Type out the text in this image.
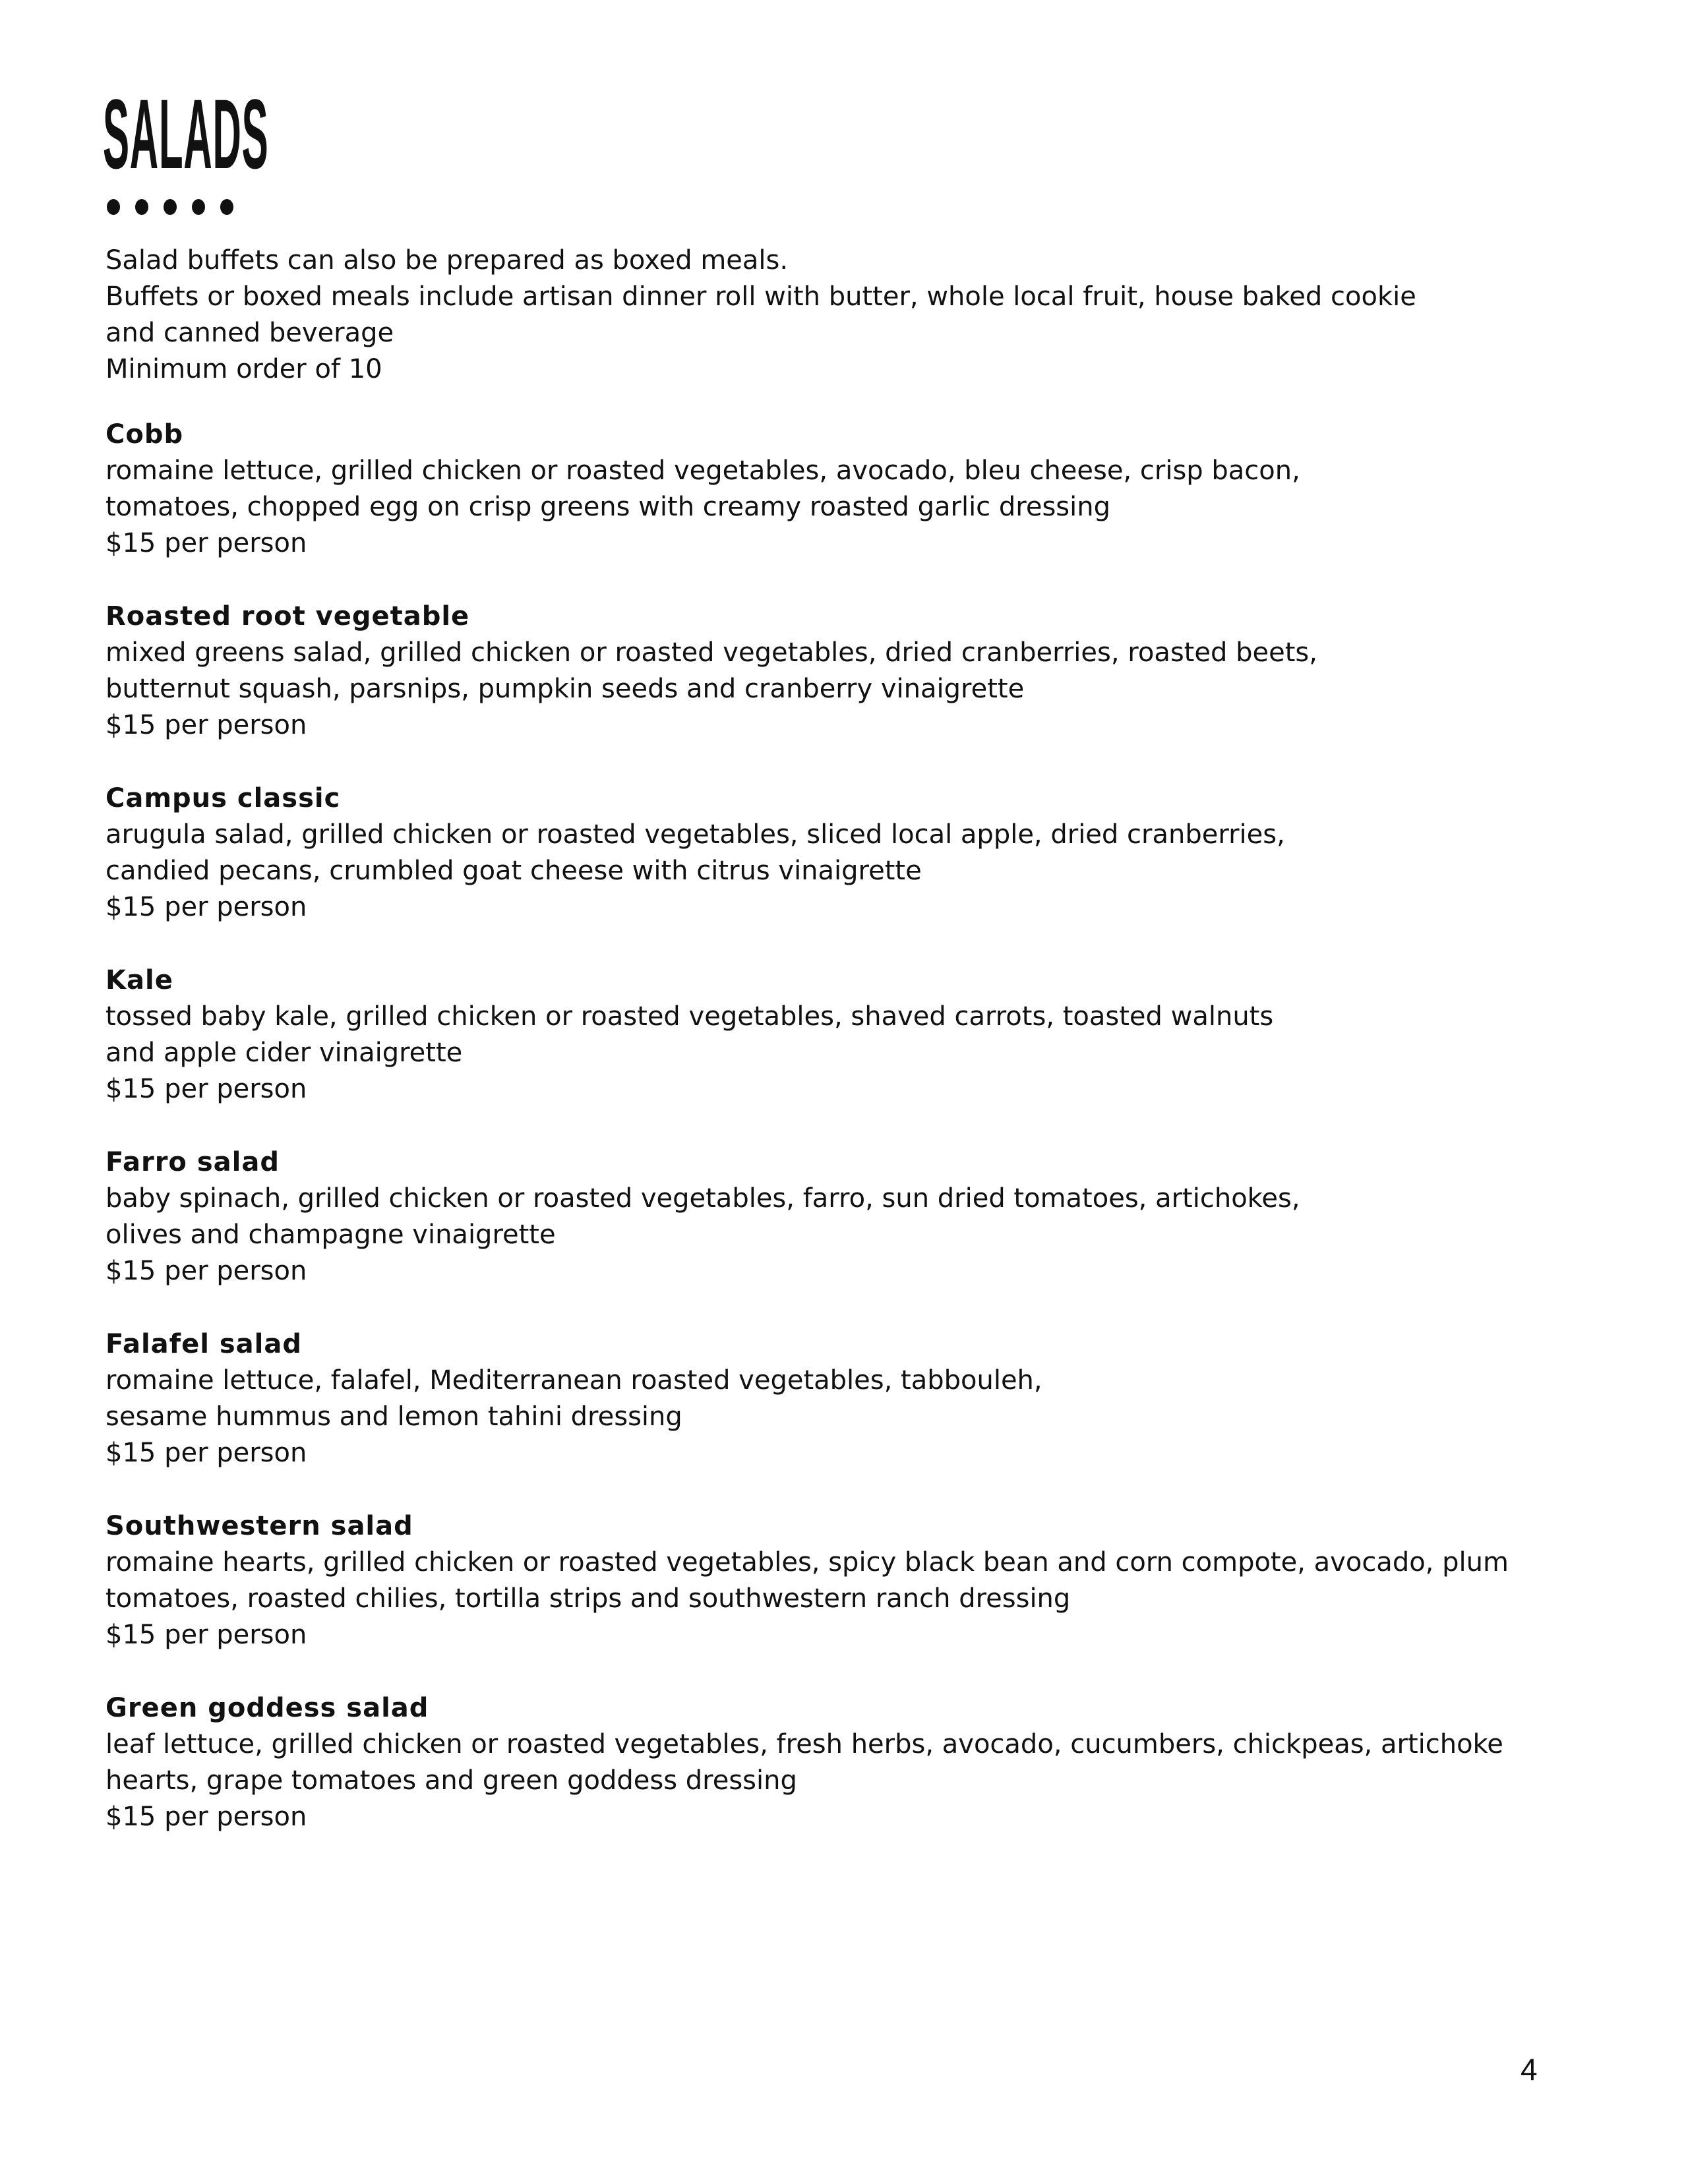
SALADS
Salad buffets can also be prepared as boxed meals.
Buffets or boxed meals include artisan dinner roll with butter, whole local fruit, house baked cookie
and canned beverage
Minimum order of 10
Cobb
romaine lettuce, grilled chicken or roasted vegetables, avocado, bleu cheese, crisp bacon,
tomatoes, chopped egg on crisp greens with creamy roasted garlic dressing
$15 per person
Roasted root vegetable
mixed greens salad, grilled chicken or roasted vegetables, dried cranberries, roasted beets,
butternut squash, parsnips, pumpkin seeds and cranberry vinaigrette
$15 per person
Campus classic
arugula salad, grilled chicken or roasted vegetables, sliced local apple, dried cranberries,
candied pecans, crumbled goat cheese with citrus vinaigrette
$15 per person
Kale
tossed baby kale, grilled chicken or roasted vegetables, shaved carrots, toasted walnuts
and apple cider vinaigrette
$15 per person
Farro salad
baby spinach, grilled chicken or roasted vegetables, farro, sun dried tomatoes, artichokes,
olives and champagne vinaigrette
$15 per person
Falafel salad
romaine lettuce, falafel, Mediterranean roasted vegetables, tabbouleh,
sesame hummus and lemon tahini dressing
$15 per person
Southwestern salad
romaine hearts, grilled chicken or roasted vegetables, spicy black bean and corn compote, avocado, plum
tomatoes, roasted chilies, tortilla strips and southwestern ranch dressing
$15 per person
Green goddess salad
leaf lettuce, grilled chicken or roasted vegetables, fresh herbs, avocado, cucumbers, chickpeas, artichoke
hearts, grape tomatoes and green goddess dressing
$15 per person
4
